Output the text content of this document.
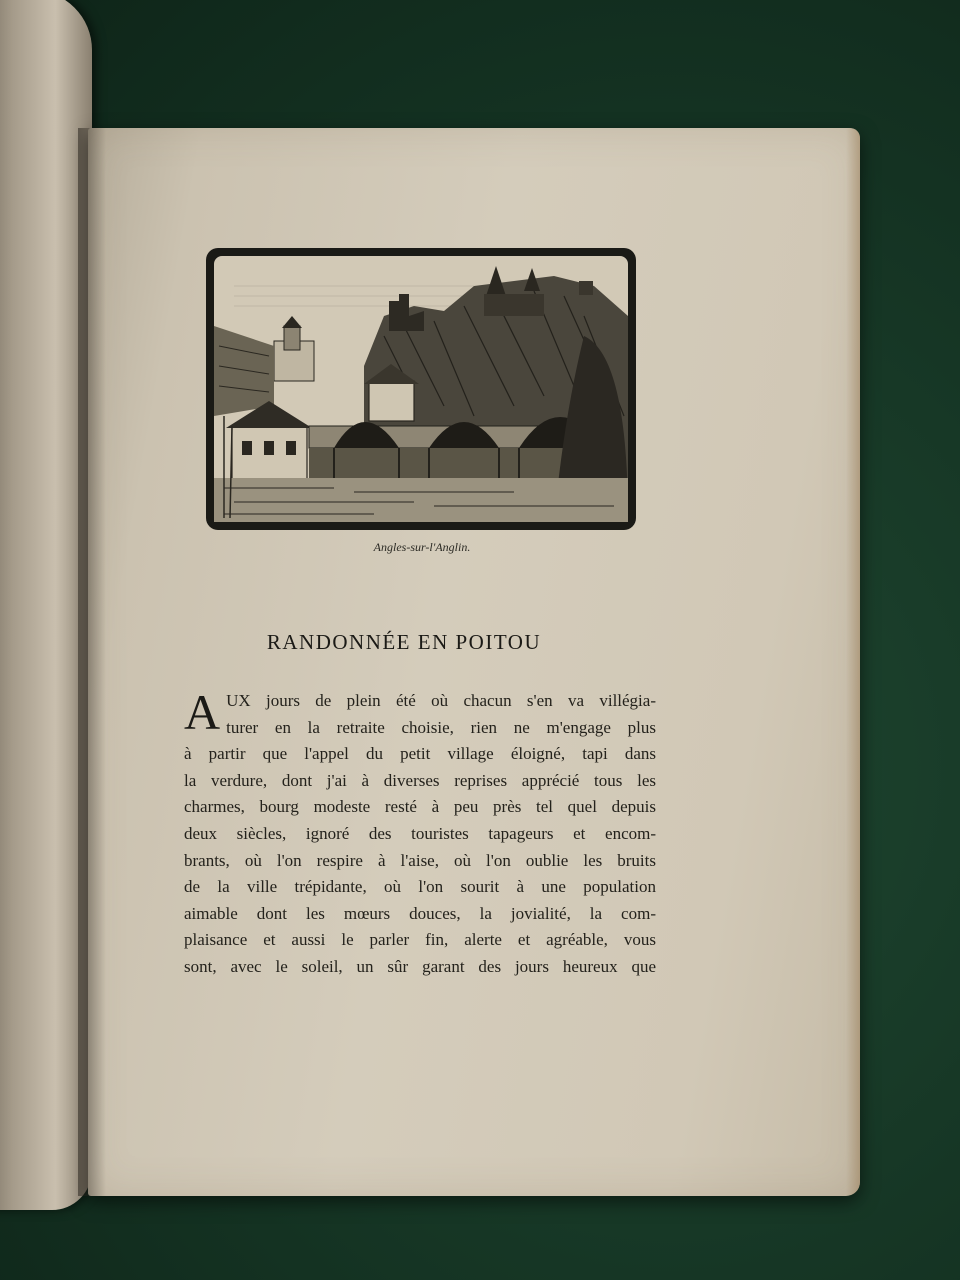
Angles-sur-l'Anglin.
RANDONNÉE EN POITOU
A UX jours de plein été où chacun s'en va villégia-
turer en la retraite choisie, rien ne m'engage plus
à partir que l'appel du petit village éloigné, tapi dans
la verdure, dont j'ai à diverses reprises apprécié tous les
charmes, bourg modeste resté à peu près tel quel depuis
deux siècles, ignoré des touristes tapageurs et encom-
brants, où l'on respire à l'aise, où l'on oublie les bruits
de la ville trépidante, où l'on sourit à une population
aimable dont les mœurs douces, la jovialité, la com-
plaisance et aussi le parler fin, alerte et agréable, vous
sont, avec le soleil, un sûr garant des jours heureux que
